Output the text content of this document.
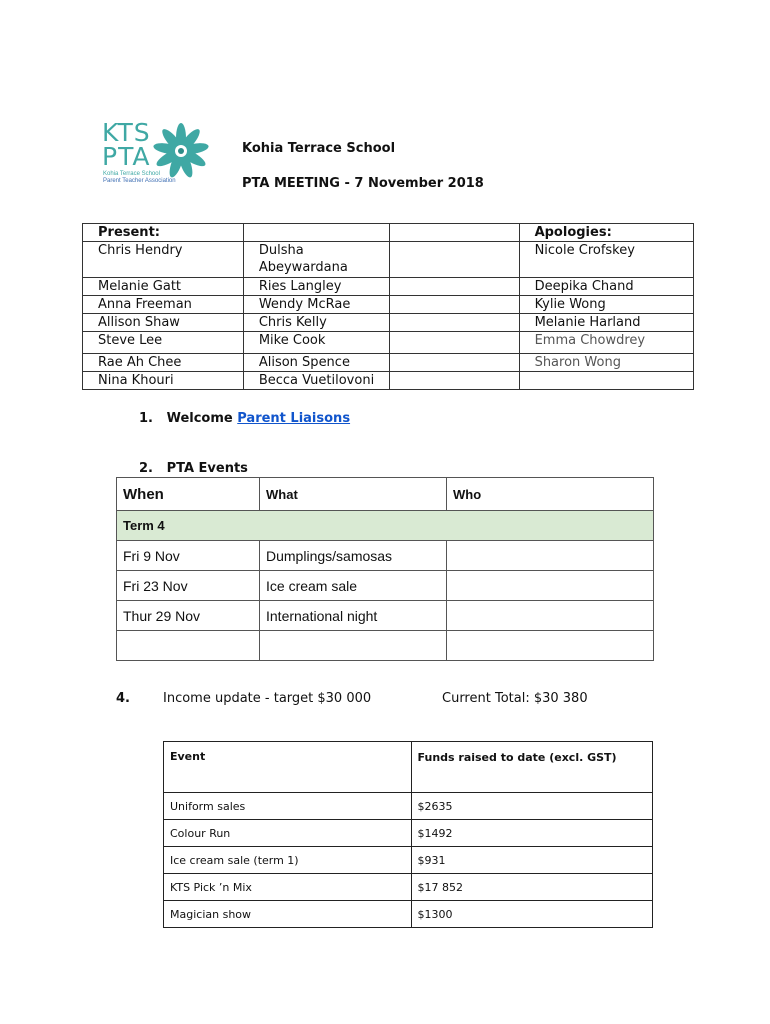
KTS
PTA
Kohia Terrace School
Parent Teacher Association
Kohia Terrace School
PTA MEETING - 7 November 2018
Present:			Apologies:
Chris Hendry	Dulsha Abeywardana		Nicole Crofskey
Melanie Gatt	Ries Langley		Deepika Chand
Anna Freeman	Wendy McRae		Kylie Wong
Allison Shaw	Chris Kelly		Melanie Harland
Steve Lee	Mike Cook		Emma Chowdrey
Rae Ah Chee	Alison Spence		Sharon Wong
Nina Khouri	Becca Vuetilovoni		
1. Welcome Parent Liaisons
2. PTA Events
When	What	Who
Term 4		
Fri 9 Nov	Dumplings/samosas	
Fri 23 Nov	Ice cream sale	
Thur 29 Nov	International night	

4.	Income update - target $30 000	Current Total: $30 380
Event	Funds raised to date (excl. GST)
Uniform sales	$2635
Colour Run	$1492
Ice cream sale (term 1)	$931
KTS Pick ’n Mix	$17 852
Magician show	$1300
